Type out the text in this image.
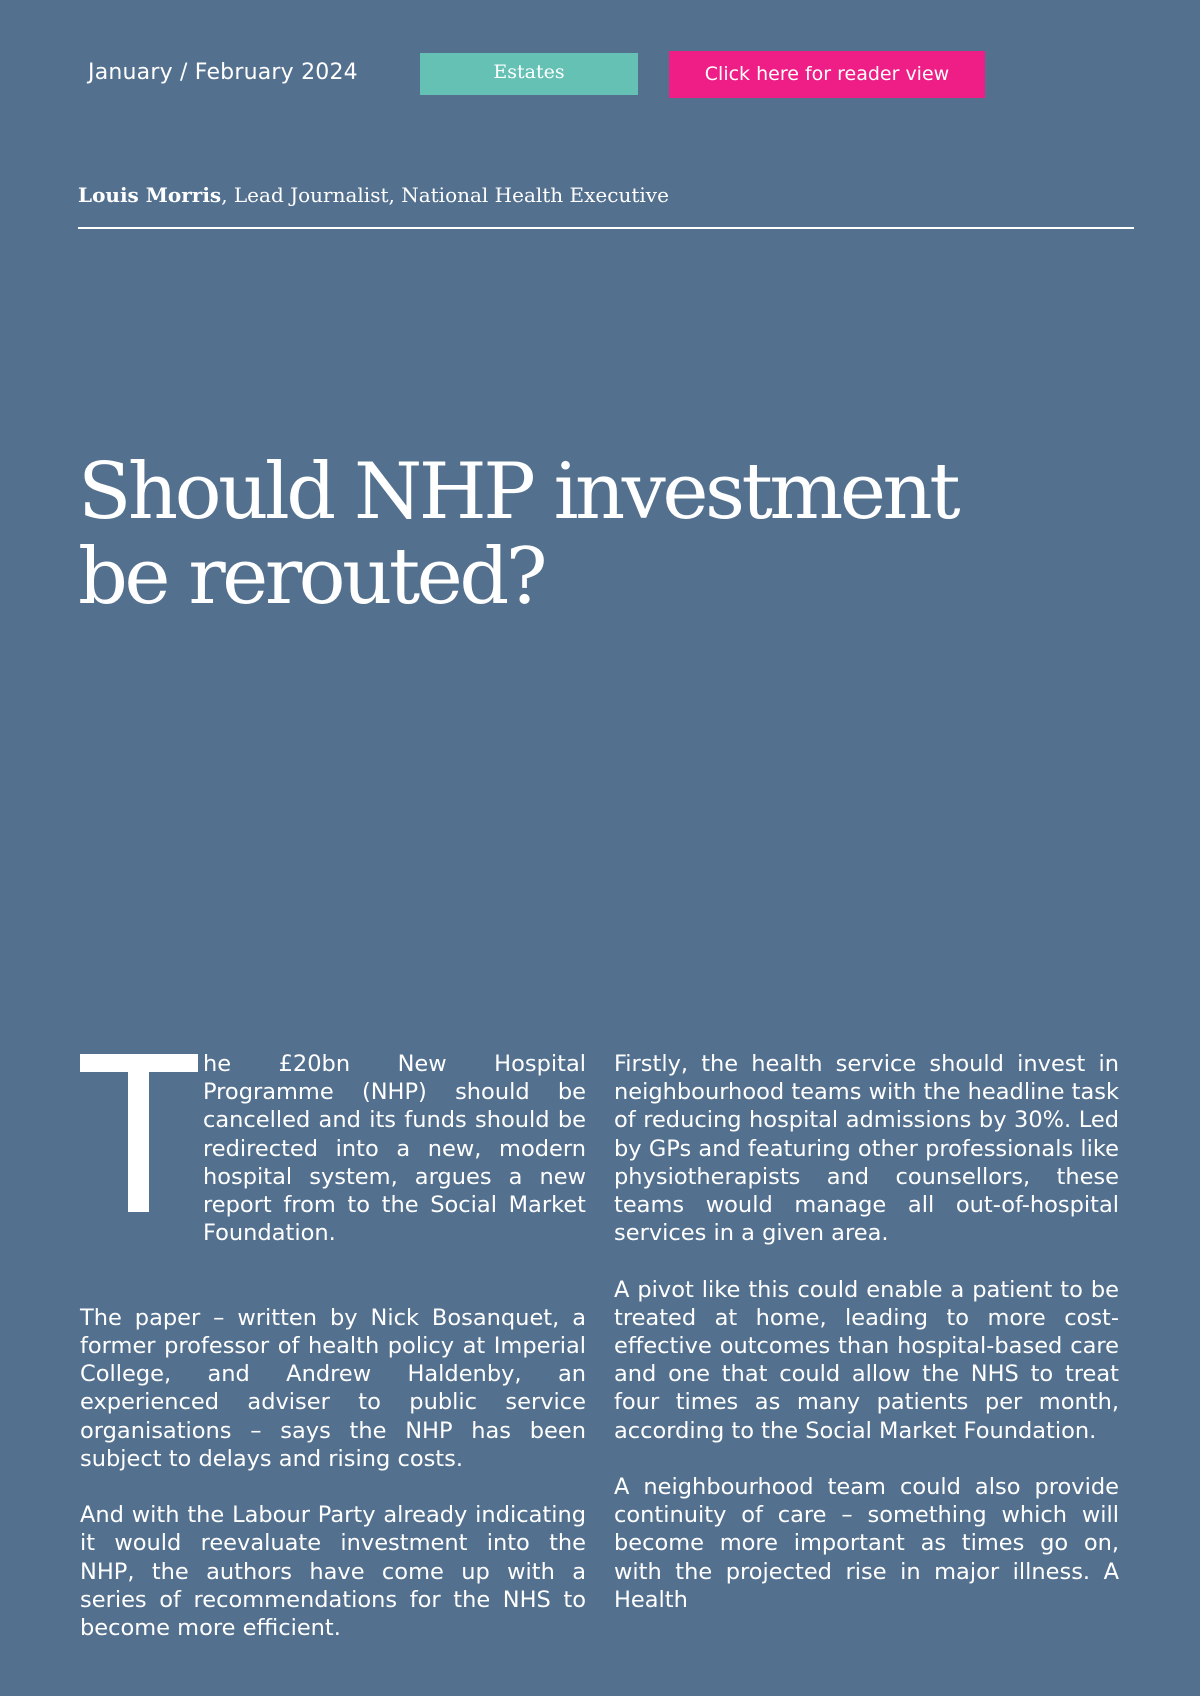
January / February 2024	Estates	Click here for reader view
Louis Morris, Lead Journalist, National Health Executive
Should NHP investment be rerouted?

he £20bn New Hospital Programme (NHP) should be cancelled and its funds should be redirected into a new, modern hospital system, argues a new report from to the Social Market Foundation.

The paper – written by Nick Bosanquet, a former professor of health policy at Imperial College, and Andrew Haldenby, an experienced adviser to public service organisations – says the NHP has been subject to delays and rising costs.

And with the Labour Party already indicating it would reevaluate investment into the NHP, the authors have come up with a series of recommendations for the NHS to become more efficient.

Firstly, the health service should invest in neighbourhood teams with the headline task of reducing hospital admissions by 30%. Led by GPs and featuring other professionals like physiotherapists and counsellors, these teams would manage all out-of-hospital services in a given area.

A pivot like this could enable a patient to be treated at home, leading to more cost-effective outcomes than hospital-based care and one that could allow the NHS to treat four times as many patients per month, according to the Social Market Foundation.

A neighbourhood team could also provide continuity of care – something which will become more important as times go on, with the projected rise in major illness. A Health
